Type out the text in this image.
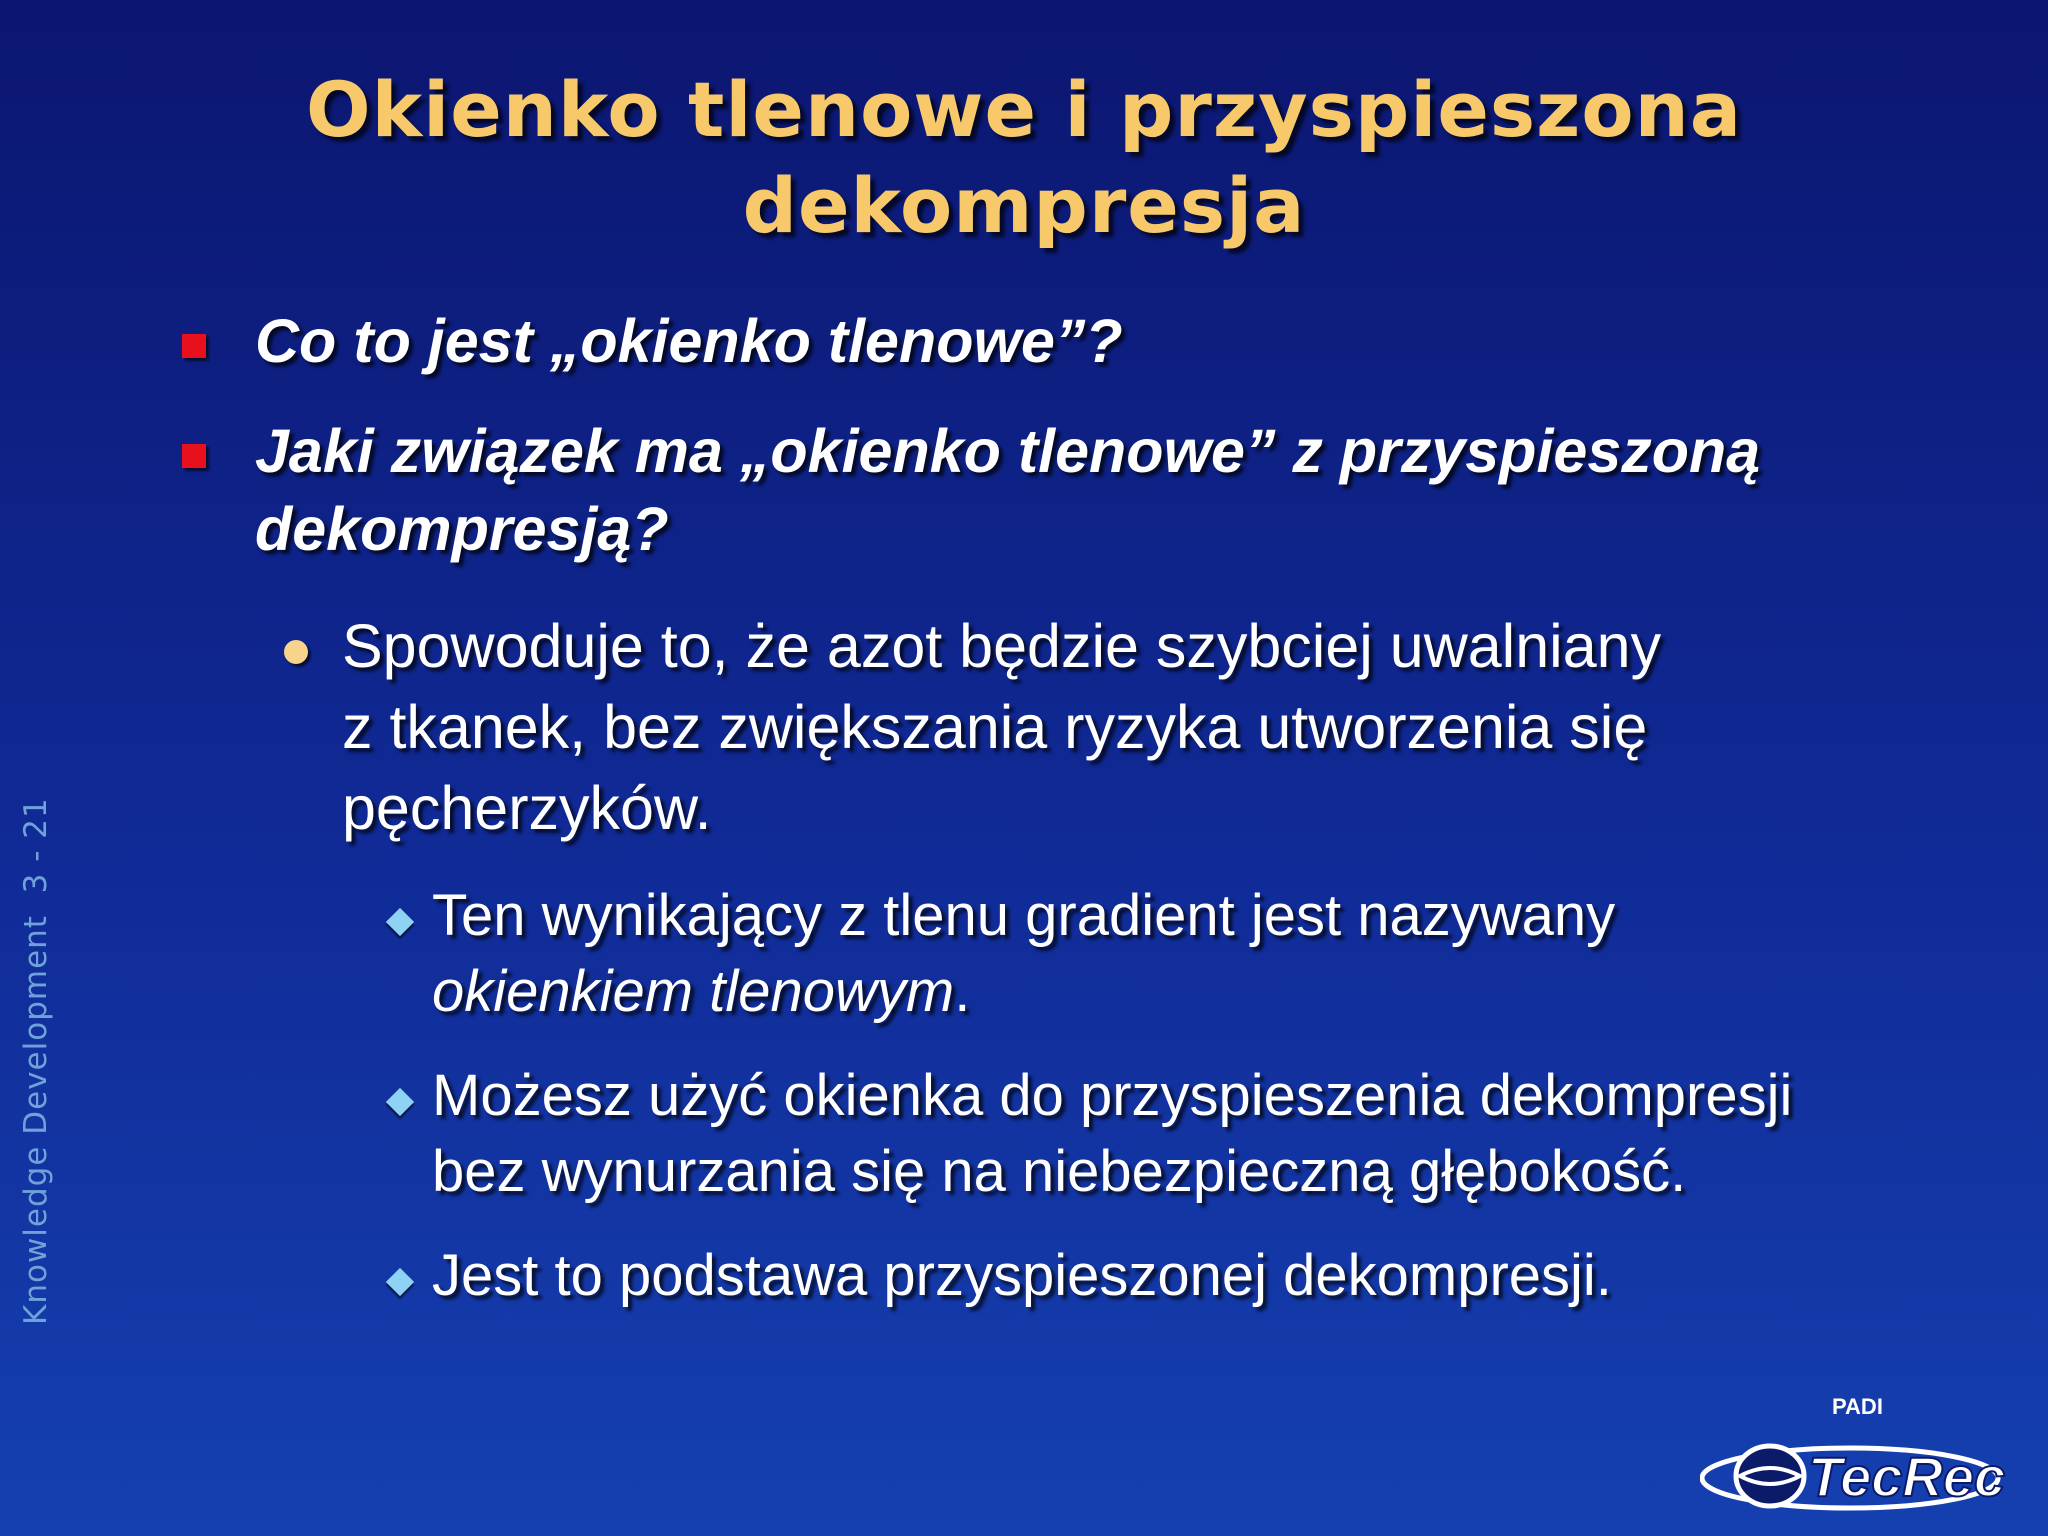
Okienko tlenowe i przyspieszona
dekompresja
Co to jest „okienko tlenowe”?
Jaki związek ma „okienko tlenowe” z przyspieszoną
dekompresją?
Spowoduje to, że azot będzie szybciej uwalniany
z tkanek, bez zwiększania ryzyka utworzenia się
pęcherzyków.
Ten wynikający z tlenu gradient jest nazywany
okienkiem tlenowym.
Możesz użyć okienka do przyspieszenia dekompresji
bez wynurzania się na niebezpieczną głębokość.
Jest to podstawa przyspieszonej dekompresji.
Knowledge Development  3 - 21
PADI
TecRec
